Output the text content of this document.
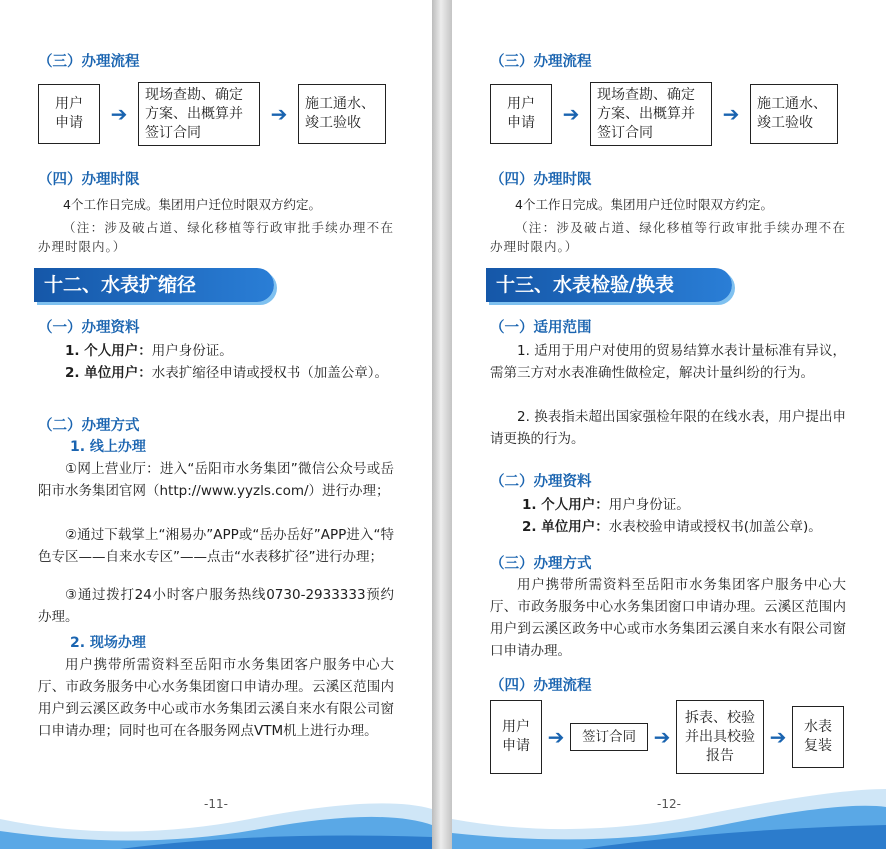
（三）办理流程
用户
申请	➔
现场查勘、确定方案、出概算并签订合同
➔	施工通水、竣工验收
（四）办理时限

4个工作日完成。集团用户迁位时限双方约定。

（注：涉及破占道、绿化移植等行政审批手续办理不在办理时限内。）

十二、水表扩缩径
（一）办理资料

1. 个人用户：用户身份证。

2. 单位用户：水表扩缩径申请或授权书（加盖公章）。

（二）办理方式

1. 线上办理

①网上营业厅：进入“岳阳市水务集团”微信公众号或岳阳市水务集团官网（http://www.yyzls.com/）进行办理；

②通过下载掌上“湘易办”APP或“岳办岳好”APP进入“特色专区——自来水专区”——点击“水表移扩径”进行办理；

③通过拨打24小时客户服务热线0730-2933333预约办理。

2. 现场办理

用户携带所需资料至岳阳市水务集团客户服务中心大厅、市政务服务中心水务集团窗口申请办理。云溪区范围内用户到云溪区政务中心或市水务集团云溪自来水有限公司窗口申请办理；同时也可在各服务网点VTM机上进行办理。

-11-
（三）办理流程
用户
申请	➔
现场查勘、确定方案、出概算并签订合同
➔	施工通水、竣工验收
（四）办理时限

4个工作日完成。集团用户迁位时限双方约定。

（注：涉及破占道、绿化移植等行政审批手续办理不在办理时限内。）

十三、水表检验/换表
（一）适用范围

1. 适用于用户对使用的贸易结算水表计量标准有异议，需第三方对水表准确性做检定，解决计量纠纷的行为。

2. 换表指未超出国家强检年限的在线水表，用户提出申请更换的行为。

（二）办理资料

1. 个人用户：用户身份证。

2. 单位用户：水表校验申请或授权书(加盖公章)。

（三）办理方式

用户携带所需资料至岳阳市水务集团客户服务中心大厅、市政务服务中心水务集团窗口申请办理。云溪区范围内用户到云溪区政务中心或市水务集团云溪自来水有限公司窗口申请办理。

（四）办理流程
用户
申请 ➔	签订合同 ➔
拆表、校验
并出具校验
报告
➔	水表
复装
-12-
